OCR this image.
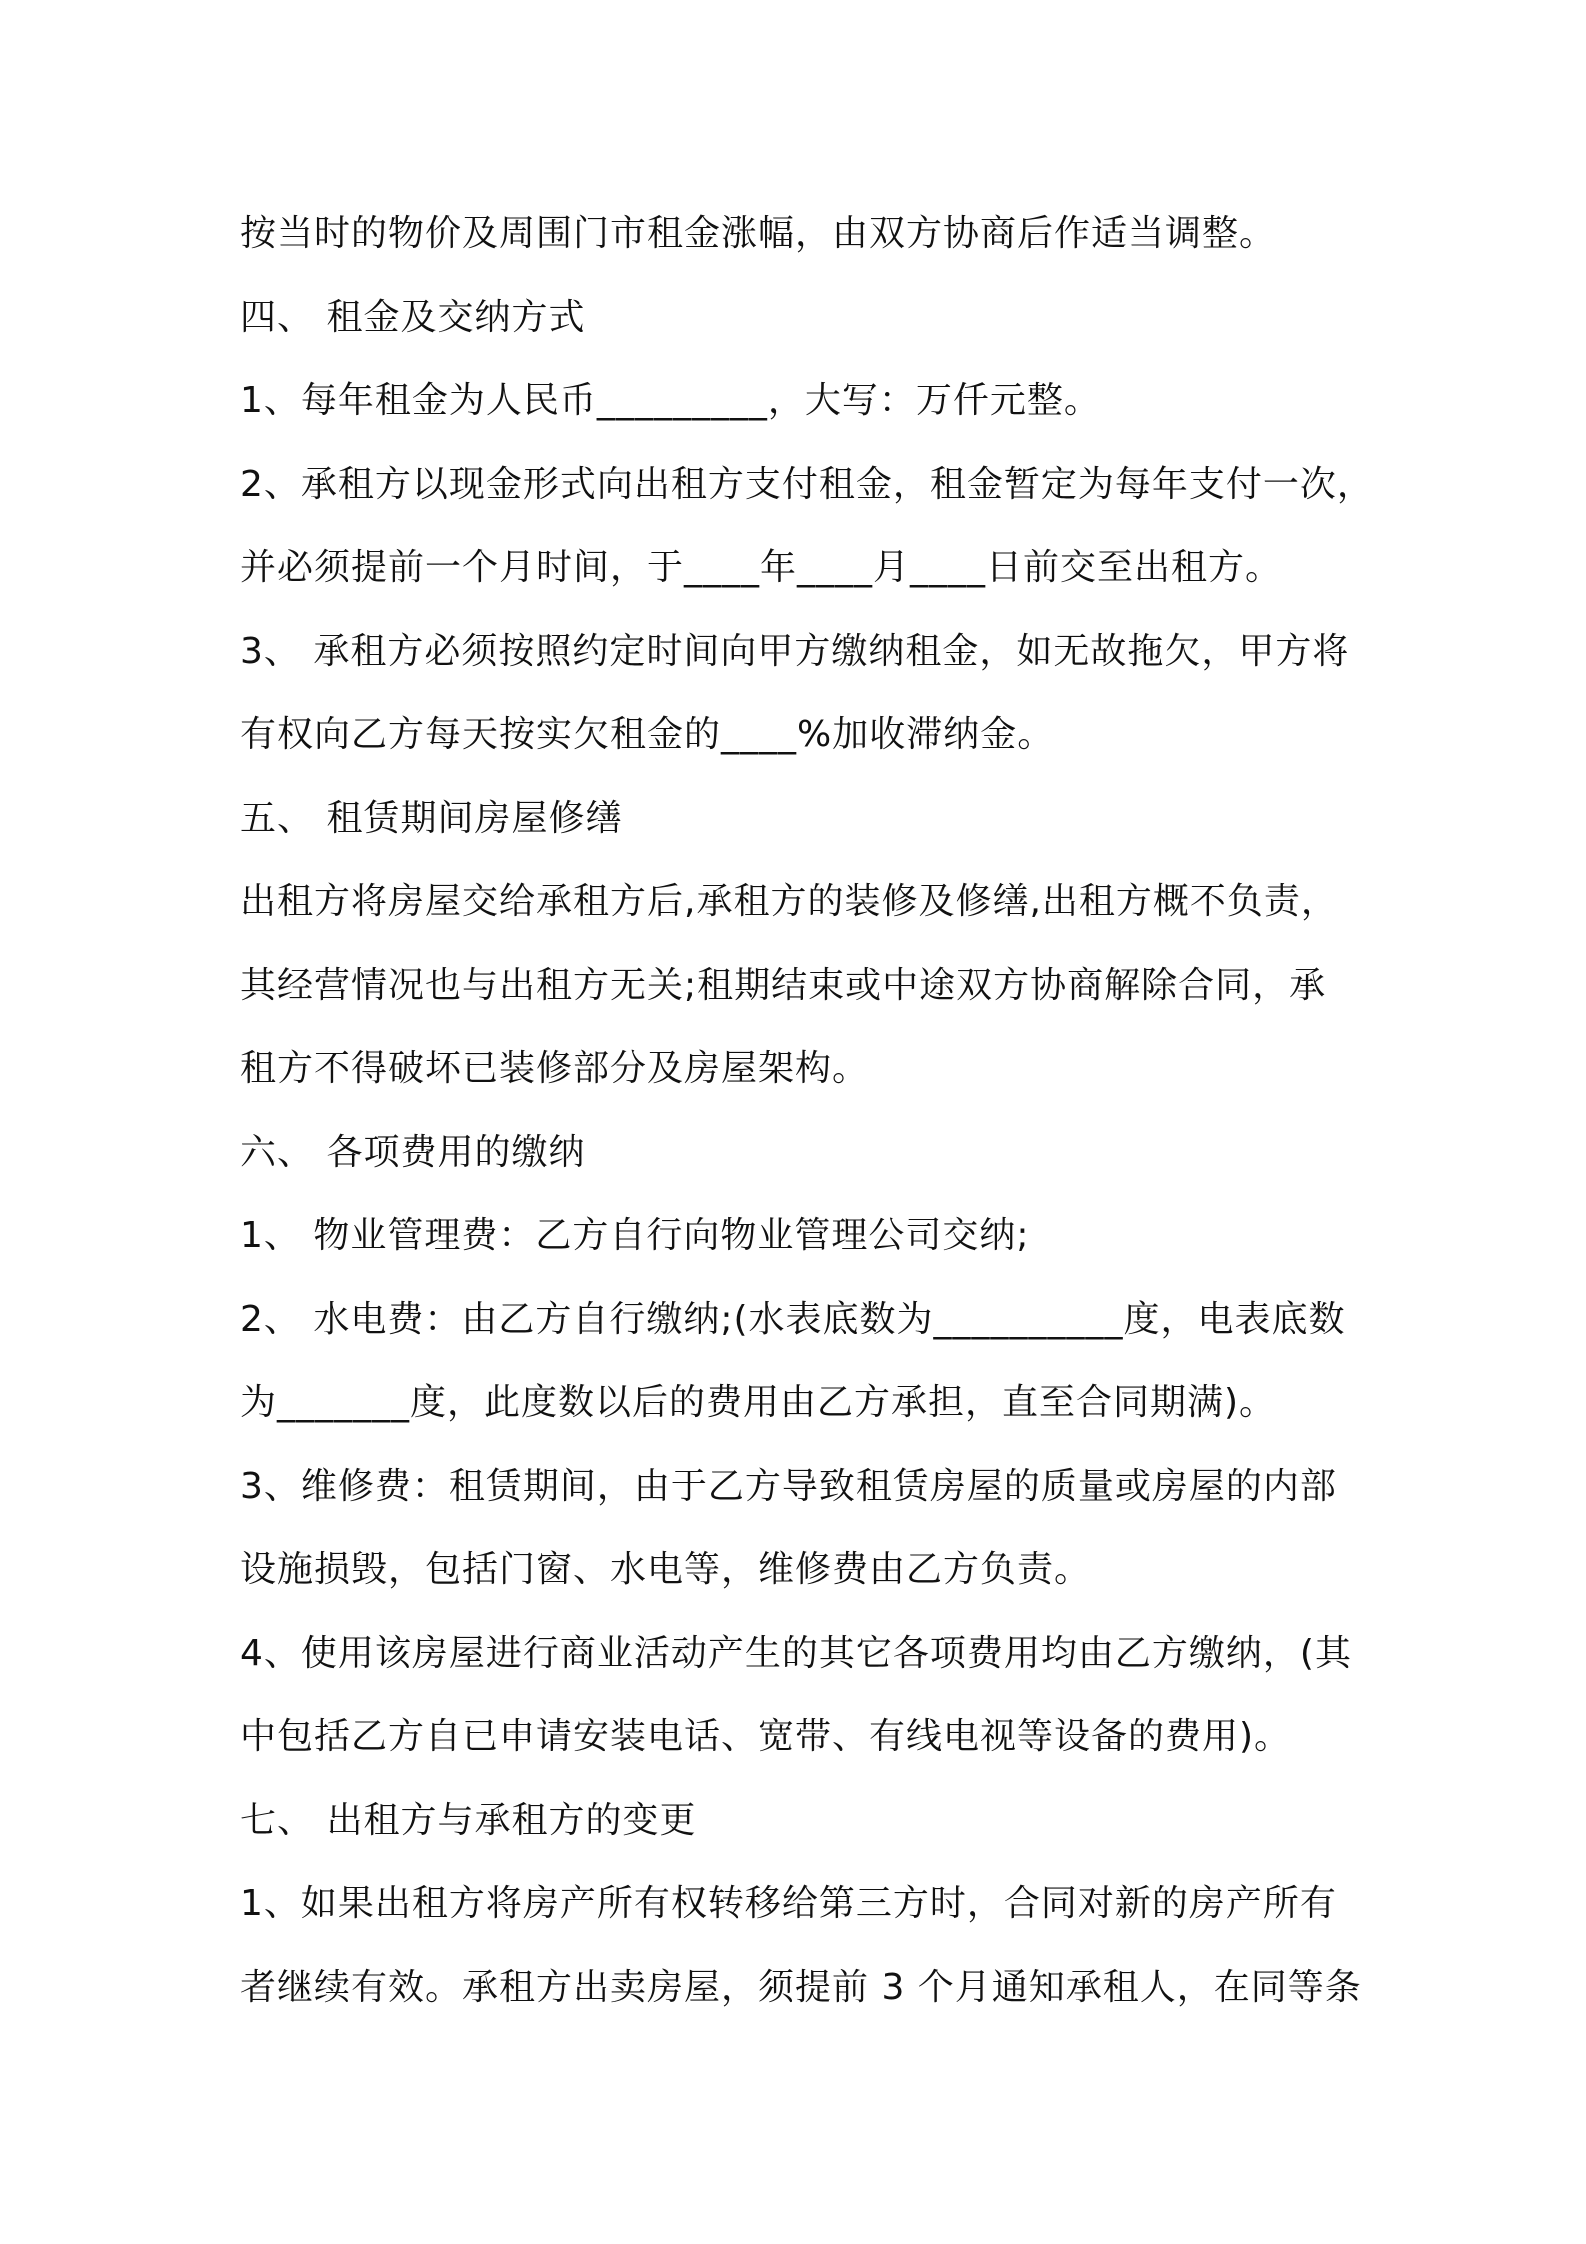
按当时的物价及周围门市租金涨幅，由双方协商后作适当调整。
四、 租金及交纳方式
1、每年租金为人民币_________，大写：万仟元整。
2、承租方以现金形式向出租方支付租金，租金暂定为每年支付一次，
并必须提前一个月时间，于____年____月____日前交至出租方。
3、 承租方必须按照约定时间向甲方缴纳租金，如无故拖欠，甲方将
有权向乙方每天按实欠租金的____%加收滞纳金。
五、 租赁期间房屋修缮
出租方将房屋交给承租方后,承租方的装修及修缮,出租方概不负责，
其经营情况也与出租方无关;租期结束或中途双方协商解除合同，承
租方不得破坏已装修部分及房屋架构。
六、 各项费用的缴纳
1、 物业管理费：乙方自行向物业管理公司交纳;
2、 水电费：由乙方自行缴纳;(水表底数为__________度，电表底数
为_______度，此度数以后的费用由乙方承担，直至合同期满)。
3、维修费：租赁期间，由于乙方导致租赁房屋的质量或房屋的内部
设施损毁，包括门窗、水电等，维修费由乙方负责。
4、使用该房屋进行商业活动产生的其它各项费用均由乙方缴纳，(其
中包括乙方自已申请安装电话、宽带、有线电视等设备的费用)。
七、 出租方与承租方的变更
1、如果出租方将房产所有权转移给第三方时，合同对新的房产所有
者继续有效。承租方出卖房屋，须提前 3 个月通知承租人，在同等条
